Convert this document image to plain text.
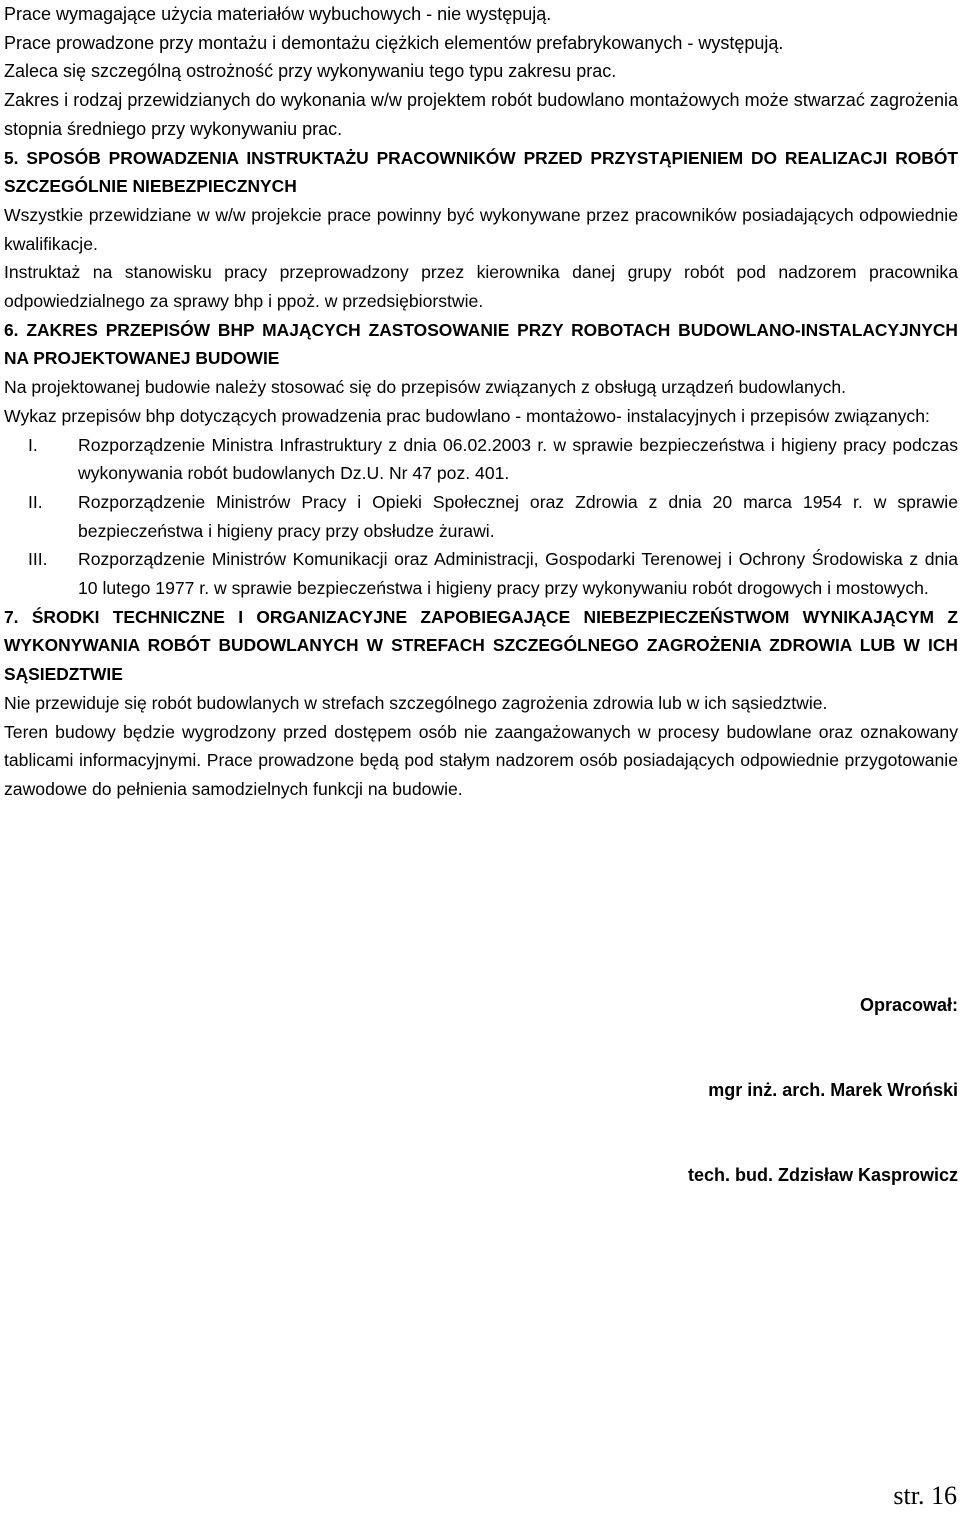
Prace wymagające użycia materiałów wybuchowych - nie występują.

Prace prowadzone przy montażu i demontażu ciężkich elementów prefabrykowanych - występują.

Zaleca się szczególną ostrożność przy wykonywaniu tego typu zakresu prac.

Zakres i rodzaj przewidzianych do wykonania w/w projektem robót budowlano montażowych może stwarzać zagrożenia stopnia średniego przy wykonywaniu prac.

5. SPOSÓB PROWADZENIA INSTRUKTAŻU PRACOWNIKÓW PRZED PRZYSTĄPIENIEM DO REALIZACJI ROBÓT SZCZEGÓLNIE NIEBEZPIECZNYCH

Wszystkie przewidziane w w/w projekcie prace powinny być wykonywane przez pracowników posiadających odpowiednie kwalifikacje.

Instruktaż na stanowisku pracy przeprowadzony przez kierownika danej grupy robót pod nadzorem pracownika odpowiedzialnego za sprawy bhp i ppoż. w przedsiębiorstwie.

6. ZAKRES PRZEPISÓW BHP MAJĄCYCH ZASTOSOWANIE PRZY ROBOTACH BUDOWLANO-INSTALACYJNYCH NA PROJEKTOWANEJ BUDOWIE

Na projektowanej budowie należy stosować się do przepisów związanych z obsługą urządzeń budowlanych.

Wykaz przepisów bhp dotyczących prowadzenia prac budowlano - montażowo- instalacyjnych i przepisów związanych:

I.	Rozporządzenie Ministra Infrastruktury z dnia 06.02.2003 r. w sprawie bezpieczeństwa i higieny pracy podczas wykonywania robót budowlanych Dz.U. Nr 47 poz. 401.
II.	Rozporządzenie Ministrów Pracy i Opieki Społecznej oraz Zdrowia z dnia 20 marca 1954 r. w sprawie bezpieczeństwa i higieny pracy przy obsłudze żurawi.
III.	Rozporządzenie Ministrów Komunikacji oraz Administracji, Gospodarki Terenowej i Ochrony Środowiska z dnia 10 lutego 1977 r. w sprawie bezpieczeństwa i higieny pracy przy wykonywaniu robót drogowych i mostowych.

7. ŚRODKI TECHNICZNE I ORGANIZACYJNE ZAPOBIEGAJĄCE NIEBEZPIECZEŃSTWOM WYNIKAJĄCYM Z WYKONYWANIA ROBÓT BUDOWLANYCH W STREFACH SZCZEGÓLNEGO ZAGROŻENIA ZDROWIA LUB W ICH SĄSIEDZTWIE

Nie przewiduje się robót budowlanych w strefach szczególnego zagrożenia zdrowia lub w ich sąsiedztwie.

Teren budowy będzie wygrodzony przed dostępem osób nie zaangażowanych w procesy budowlane oraz oznakowany tablicami informacyjnymi. Prace prowadzone będą pod stałym nadzorem osób posiadających odpowiednie przygotowanie zawodowe do pełnienia samodzielnych funkcji na budowie.

Opracował:
mgr inż. arch. Marek Wroński
tech. bud. Zdzisław Kasprowicz
str. 16
